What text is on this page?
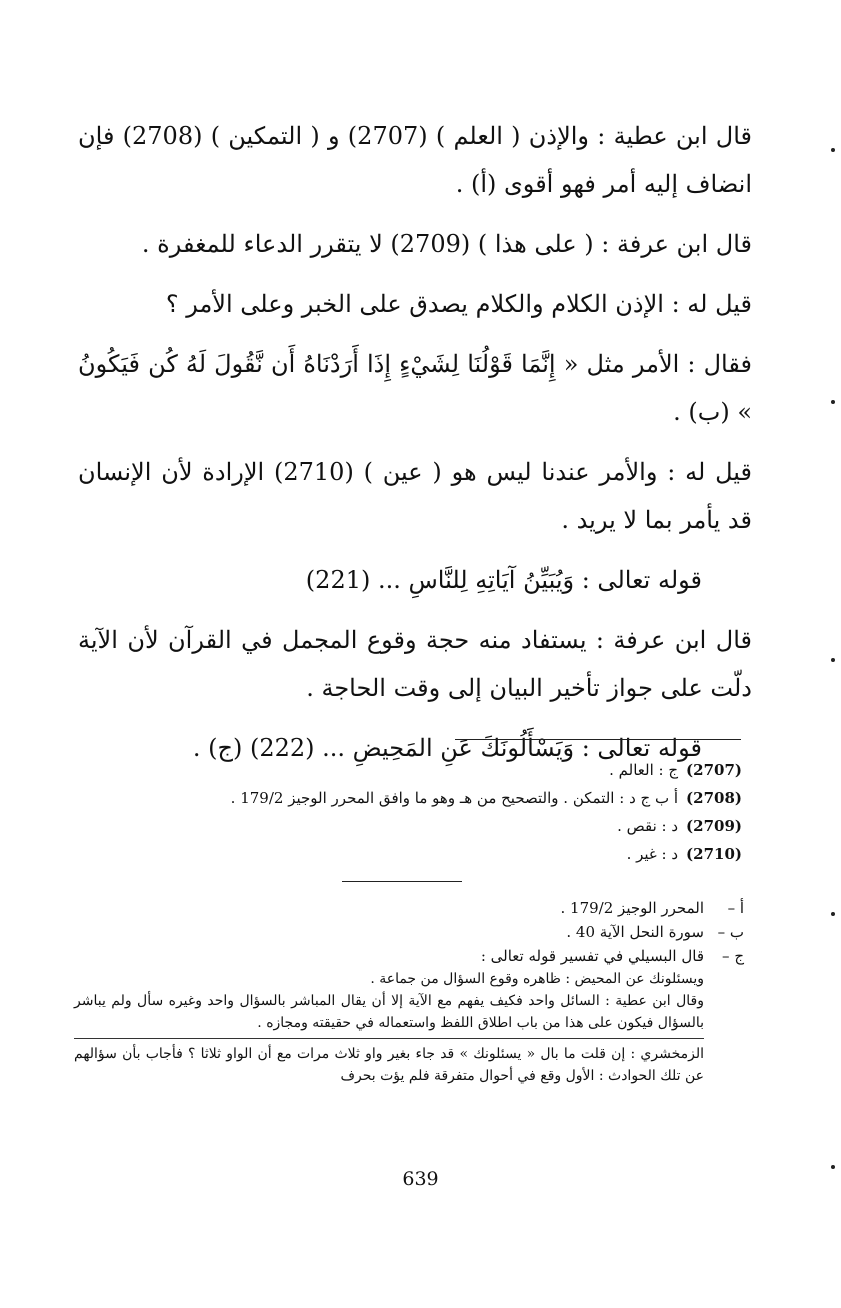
قال ابن عطية : والإذن ( العلم ) (2707) و ( التمكين ) (2708) فإن انضاف إليه أمر فهو أقوى (أ) .

قال ابن عرفة : ( على هذا ) (2709) لا يتقرر الدعاء للمغفرة .

قيل له : الإذن الكلام والكلام يصدق على الخبر وعلى الأمر ؟

فقال : الأمر مثل « إِنَّمَا قَوْلُنَا لِشَيْءٍ إِذَا أَرَدْنَاهُ أَن نَّقُولَ لَهُ كُن فَيَكُونُ » (ب) .

قيل له : والأمر عندنا ليس هو ( عين ) (2710) الإرادة لأن الإنسان قد يأمر بما لا يريد .

قوله تعالى : وَيُبَيِّنُ آيَاتِهِ لِلنَّاسِ ... (221)

قال ابن عرفة : يستفاد منه حجة وقوع المجمل في القرآن لأن الآية دلّت على جواز تأخير البيان إلى وقت الحاجة .

قوله تعالى : وَيَسْأَلُونَكَ عَنِ المَحِيضِ ... (222) (ج) .

(2707)ج : العالم .
(2708)أ ب ج د : التمكن . والتصحيح من هـ وهو ما وافق المحرر الوجيز 179/2 .
(2709)د : نقص .
(2710)د : غير .

أ –المحرر الوجيز 179/2 .

ب –سورة النحل الآية 40 .

ج –قال البسيلي في تفسير قوله تعالى :

ويسئلونك عن المحيض : ظاهره وقوع السؤال من جماعة .

وقال ابن عطية : السائل واحد فكيف يفهم مع الآية إلا أن يقال المباشر بالسؤال واحد وغيره سأل ولم يباشر بالسؤال فيكون على هذا من باب اطلاق اللفظ واستعماله في حقيقته ومجازه .

الزمخشري : إن قلت ما بال « يسئلونك » قد جاء بغير واو ثلاث مرات مع أن الواو ثلاثا ؟ فأجاب بأن سؤالهم عن تلك الحوادث : الأول وقع في أحوال متفرقة فلم يؤت بحرف

639
